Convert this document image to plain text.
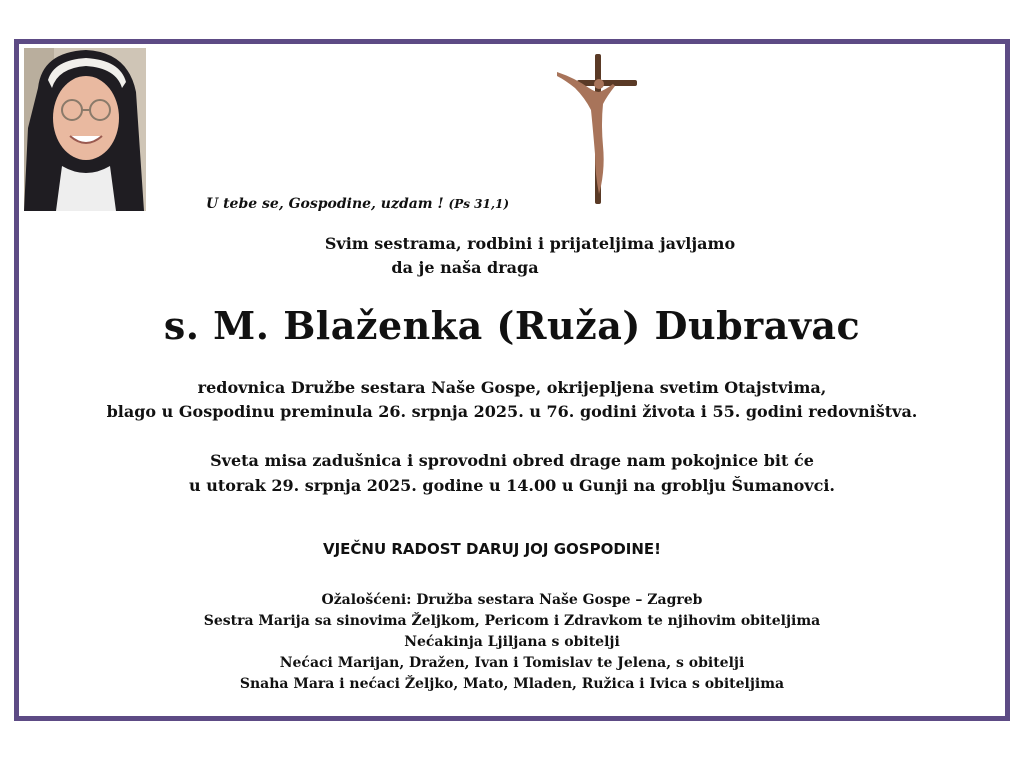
U tebe se, Gospodine, uzdam ! (Ps 31,1)
Svim sestrama, rodbini i prijateljima javljamo
da je naša draga
s. M. Blaženka (Ruža) Dubravac
redovnica Družbe sestara Naše Gospe, okrijepljena svetim Otajstvima,
blago u Gospodinu preminula 26. srpnja 2025. u 76. godini života i 55. godini redovništva.
Sveta misa zadušnica i sprovodni obred drage nam pokojnice bit će
u utorak 29. srpnja 2025. godine u 14.00 u Gunji na groblju Šumanovci.
VJEČNU RADOST DARUJ JOJ GOSPODINE!
Ožalošćeni: Družba sestara Naše Gospe – Zagreb
Sestra Marija sa sinovima Željkom, Pericom i Zdravkom te njihovim obiteljima
Nećakinja Ljiljana s obitelji
Nećaci Marijan, Dražen, Ivan i Tomislav te Jelena, s obitelji
Snaha Mara i nećaci Željko, Mato, Mladen, Ružica i Ivica s obiteljima
